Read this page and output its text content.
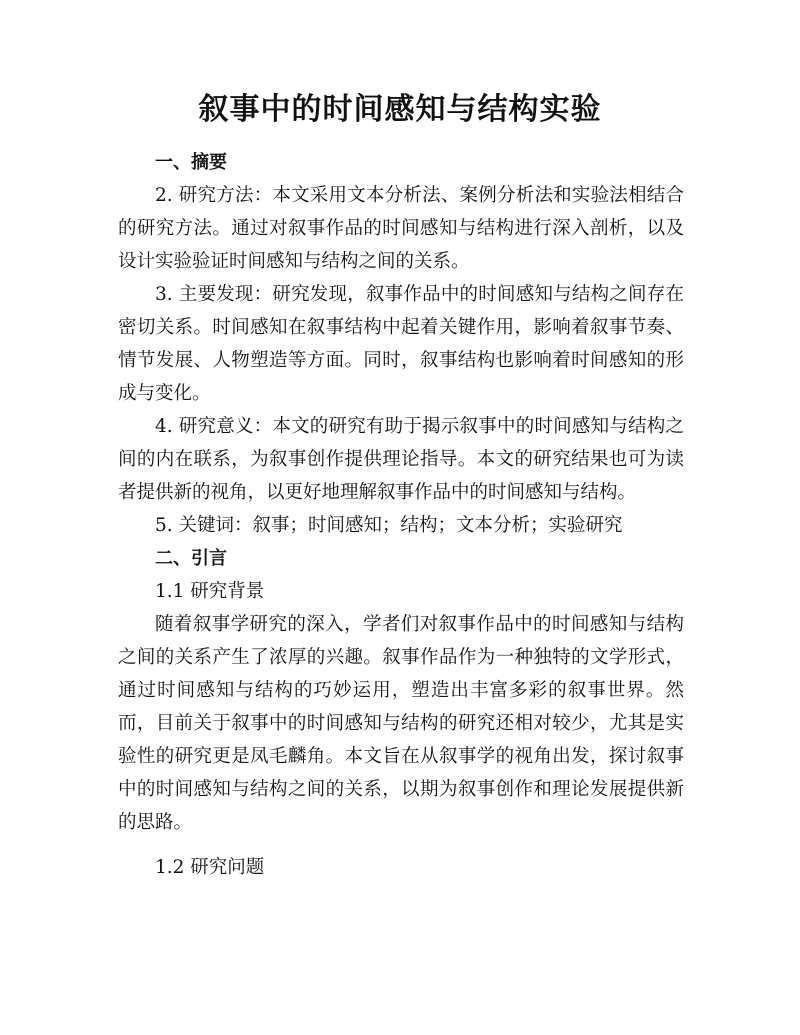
叙事中的时间感知与结构实验

一、摘要

2. 研究方法：本文采用文本分析法、案例分析法和实验法相结合的研究方法。通过对叙事作品的时间感知与结构进行深入剖析，以及设计实验验证时间感知与结构之间的关系。

3. 主要发现：研究发现，叙事作品中的时间感知与结构之间存在密切关系。时间感知在叙事结构中起着关键作用，影响着叙事节奏、情节发展、人物塑造等方面。同时，叙事结构也影响着时间感知的形成与变化。

4. 研究意义：本文的研究有助于揭示叙事中的时间感知与结构之间的内在联系，为叙事创作提供理论指导。本文的研究结果也可为读者提供新的视角，以更好地理解叙事作品中的时间感知与结构。

5. 关键词：叙事；时间感知；结构；文本分析；实验研究

二、引言

1.1 研究背景

随着叙事学研究的深入，学者们对叙事作品中的时间感知与结构之间的关系产生了浓厚的兴趣。叙事作品作为一种独特的文学形式，通过时间感知与结构的巧妙运用，塑造出丰富多彩的叙事世界。然而，目前关于叙事中的时间感知与结构的研究还相对较少，尤其是实验性的研究更是凤毛麟角。本文旨在从叙事学的视角出发，探讨叙事中的时间感知与结构之间的关系，以期为叙事创作和理论发展提供新的思路。

1.2 研究问题
